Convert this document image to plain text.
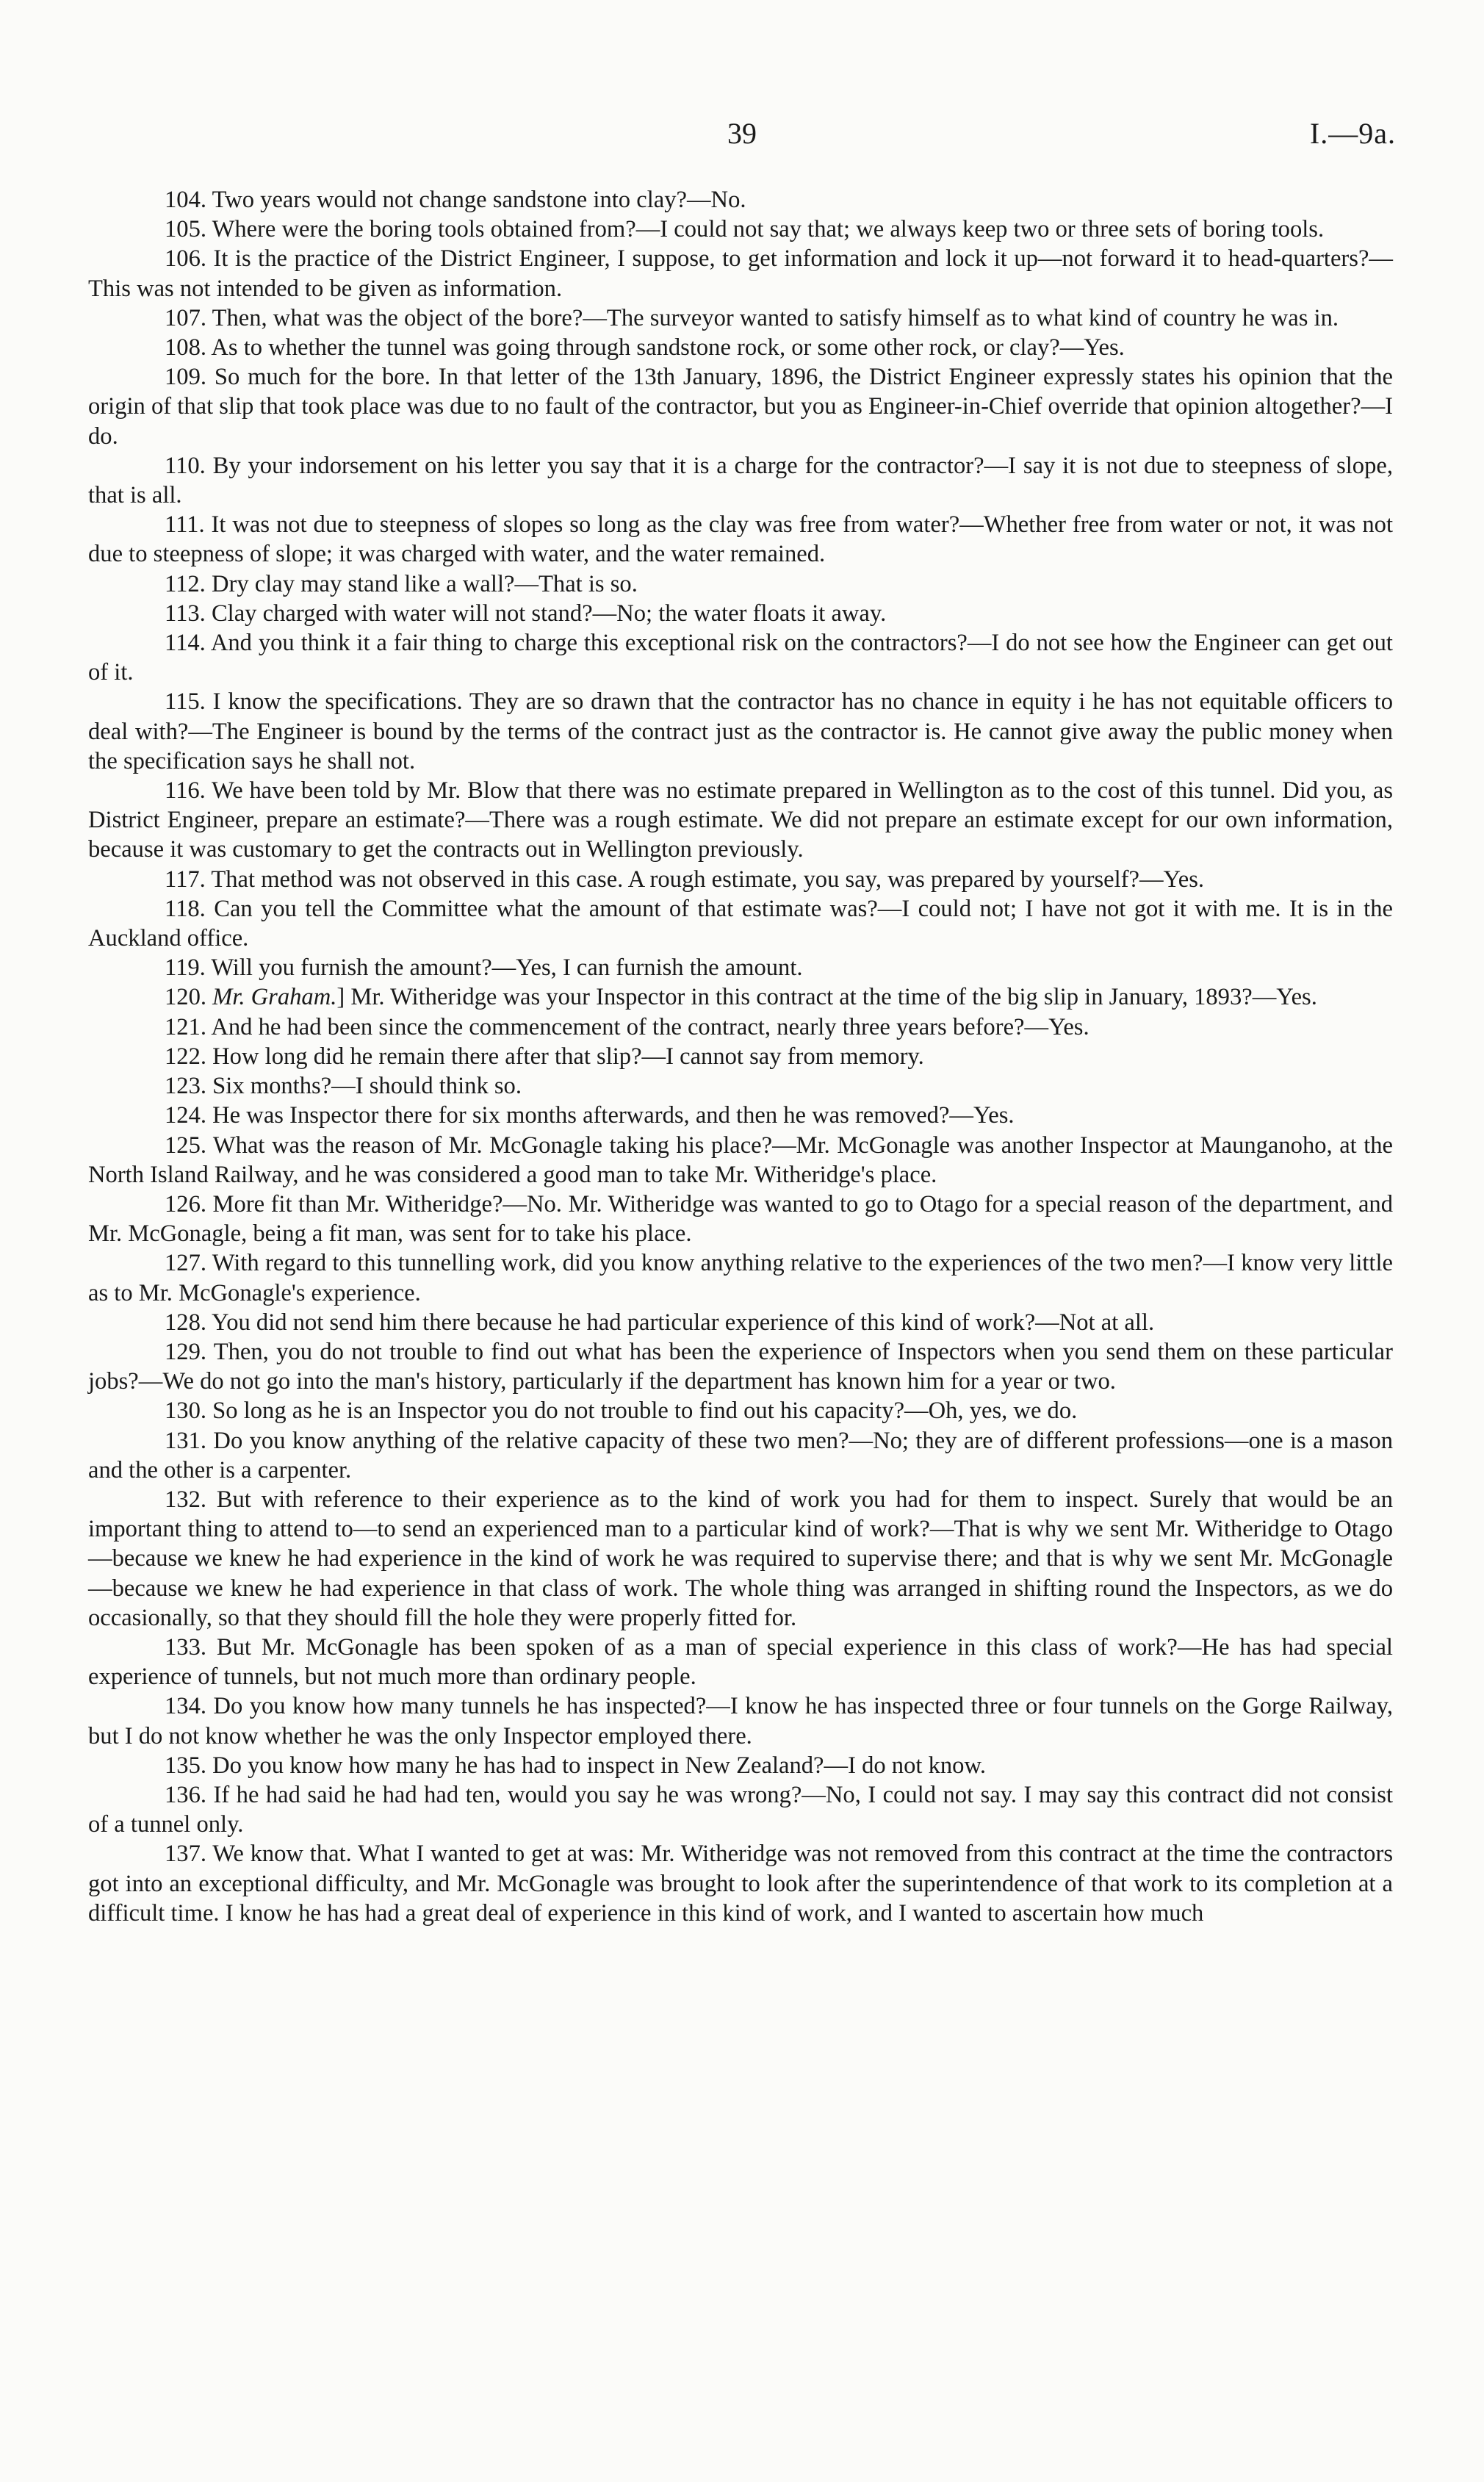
39	I.—9a.

104. Two years would not change sandstone into clay?—No.

105. Where were the boring tools obtained from?—I could not say that; we always keep two or three sets of boring tools.

106. It is the practice of the District Engineer, I suppose, to get information and lock it up—not forward it to head-quarters?—This was not intended to be given as information.

107. Then, what was the object of the bore?—The surveyor wanted to satisfy himself as to what kind of country he was in.

108. As to whether the tunnel was going through sandstone rock, or some other rock, or clay?—Yes.

109. So much for the bore. In that letter of the 13th January, 1896, the District Engineer expressly states his opinion that the origin of that slip that took place was due to no fault of the contractor, but you as Engineer-in-Chief override that opinion altogether?—I do.

110. By your indorsement on his letter you say that it is a charge for the contractor?—I say it is not due to steepness of slope, that is all.

111. It was not due to steepness of slopes so long as the clay was free from water?—Whether free from water or not, it was not due to steepness of slope; it was charged with water, and the water remained.

112. Dry clay may stand like a wall?—That is so.

113. Clay charged with water will not stand?—No; the water floats it away.

114. And you think it a fair thing to charge this exceptional risk on the contractors?—I do not see how the Engineer can get out of it.

115. I know the specifications. They are so drawn that the contractor has no chance in equity i he has not equitable officers to deal with?—The Engineer is bound by the terms of the contract just as the contractor is. He cannot give away the public money when the specification says he shall not.

116. We have been told by Mr. Blow that there was no estimate prepared in Wellington as to the cost of this tunnel. Did you, as District Engineer, prepare an estimate?—There was a rough estimate. We did not prepare an estimate except for our own information, because it was customary to get the contracts out in Wellington previously.

117. That method was not observed in this case. A rough estimate, you say, was prepared by yourself?—Yes.

118. Can you tell the Committee what the amount of that estimate was?—I could not; I have not got it with me. It is in the Auckland office.

119. Will you furnish the amount?—Yes, I can furnish the amount.

120. Mr. Graham.] Mr. Witheridge was your Inspector in this contract at the time of the big slip in January, 1893?—Yes.

121. And he had been since the commencement of the contract, nearly three years before?—Yes.

122. How long did he remain there after that slip?—I cannot say from memory.

123. Six months?—I should think so.

124. He was Inspector there for six months afterwards, and then he was removed?—Yes.

125. What was the reason of Mr. McGonagle taking his place?—Mr. McGonagle was another Inspector at Maunganoho, at the North Island Railway, and he was considered a good man to take Mr. Witheridge's place.

126. More fit than Mr. Witheridge?—No. Mr. Witheridge was wanted to go to Otago for a special reason of the department, and Mr. McGonagle, being a fit man, was sent for to take his place.

127. With regard to this tunnelling work, did you know anything relative to the experiences of the two men?—I know very little as to Mr. McGonagle's experience.

128. You did not send him there because he had particular experience of this kind of work?—Not at all.

129. Then, you do not trouble to find out what has been the experience of Inspectors when you send them on these particular jobs?—We do not go into the man's history, particularly if the department has known him for a year or two.

130. So long as he is an Inspector you do not trouble to find out his capacity?—Oh, yes, we do.

131. Do you know anything of the relative capacity of these two men?—No; they are of different professions—one is a mason and the other is a carpenter.

132. But with reference to their experience as to the kind of work you had for them to inspect. Surely that would be an important thing to attend to—to send an experienced man to a particular kind of work?—That is why we sent Mr. Witheridge to Otago—because we knew he had experience in the kind of work he was required to supervise there; and that is why we sent Mr. McGonagle—because we knew he had experience in that class of work. The whole thing was arranged in shifting round the Inspectors, as we do occasionally, so that they should fill the hole they were properly fitted for.

133. But Mr. McGonagle has been spoken of as a man of special experience in this class of work?—He has had special experience of tunnels, but not much more than ordinary people.

134. Do you know how many tunnels he has inspected?—I know he has inspected three or four tunnels on the Gorge Railway, but I do not know whether he was the only Inspector employed there.

135. Do you know how many he has had to inspect in New Zealand?—I do not know.

136. If he had said he had had ten, would you say he was wrong?—No, I could not say. I may say this contract did not consist of a tunnel only.

137. We know that. What I wanted to get at was: Mr. Witheridge was not removed from this contract at the time the contractors got into an exceptional difficulty, and Mr. McGonagle was brought to look after the superintendence of that work to its completion at a difficult time. I know he has had a great deal of experience in this kind of work, and I wanted to ascertain how much
